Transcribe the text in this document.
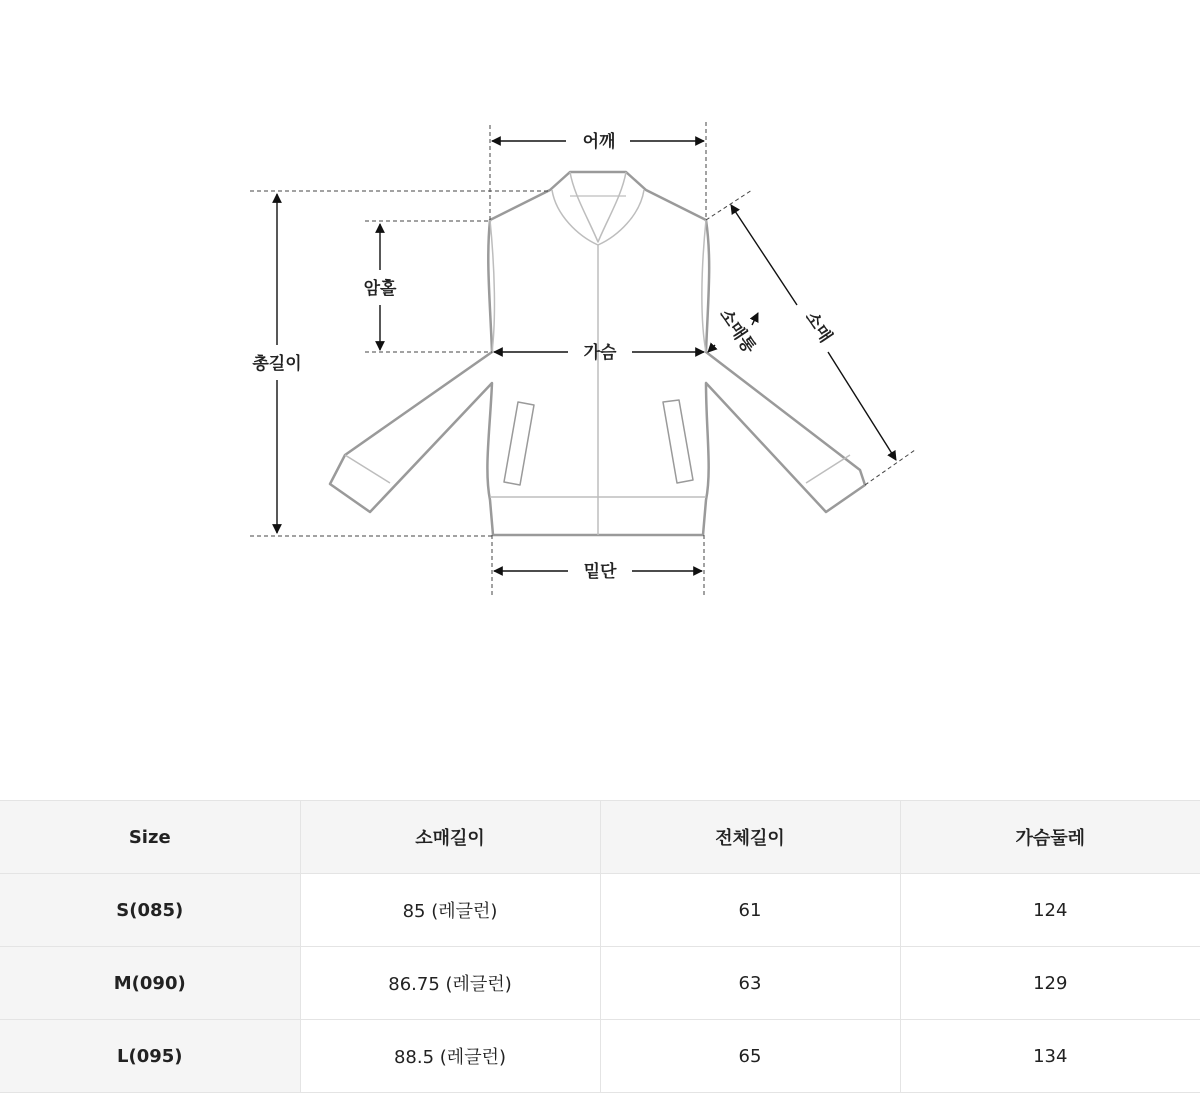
어깨
총길이
암홀
가슴
밑단
소매
소매통
Size	소매길이	전체길이	가슴둘레
S(085)	85 (레글런)	61	124
M(090)	86.75 (레글런)	63	129
L(095)	88.5 (레글런)	65	134
